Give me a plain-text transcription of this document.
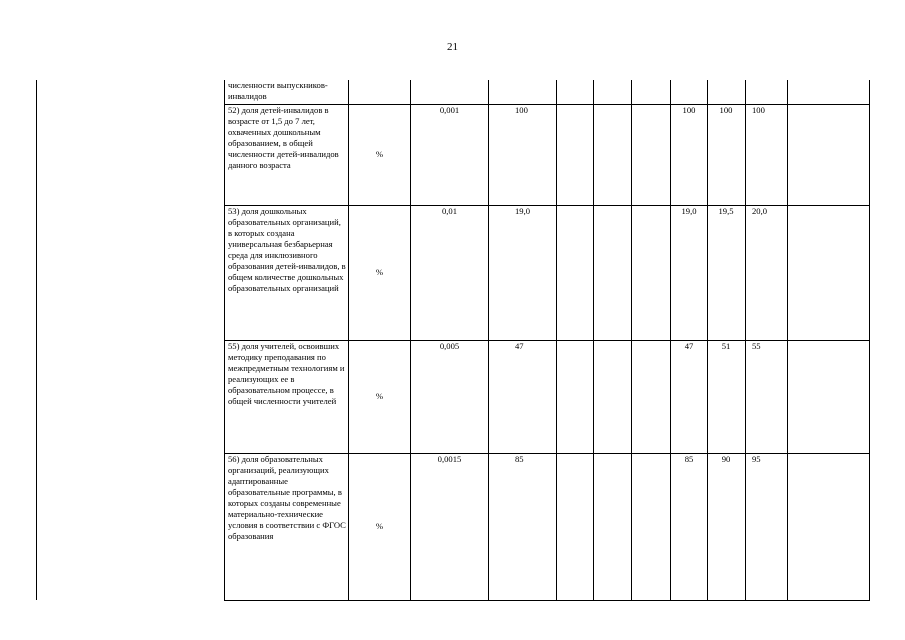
21
численности выпускников-инвалидов										
52) доля детей-инвалидов в возрасте от 1,5 до 7 лет, охваченных дошкольным образованием, в общей численности детей-инвалидов данного возраста	%	0,001	100				100	100	100	
53) доля дошкольных образовательных организаций, в которых создана универсальная безбарьерная среда для инклюзивного образования детей-инвалидов, в общем количестве дошкольных образовательных организаций	%	0,01	19,0				19,0	19,5	20,0	
55) доля учителей, освоивших методику преподавания по межпредметным технологиям и реализующих ее в образовательном процессе, в общей численности учителей	%	0,005	47				47	51	55	
56) доля образовательных организаций, реализующих адаптированные образовательные программы, в которых созданы современные материально-технические условия в соответствии с ФГОС образования	%	0,0015	85				85	90	95	
